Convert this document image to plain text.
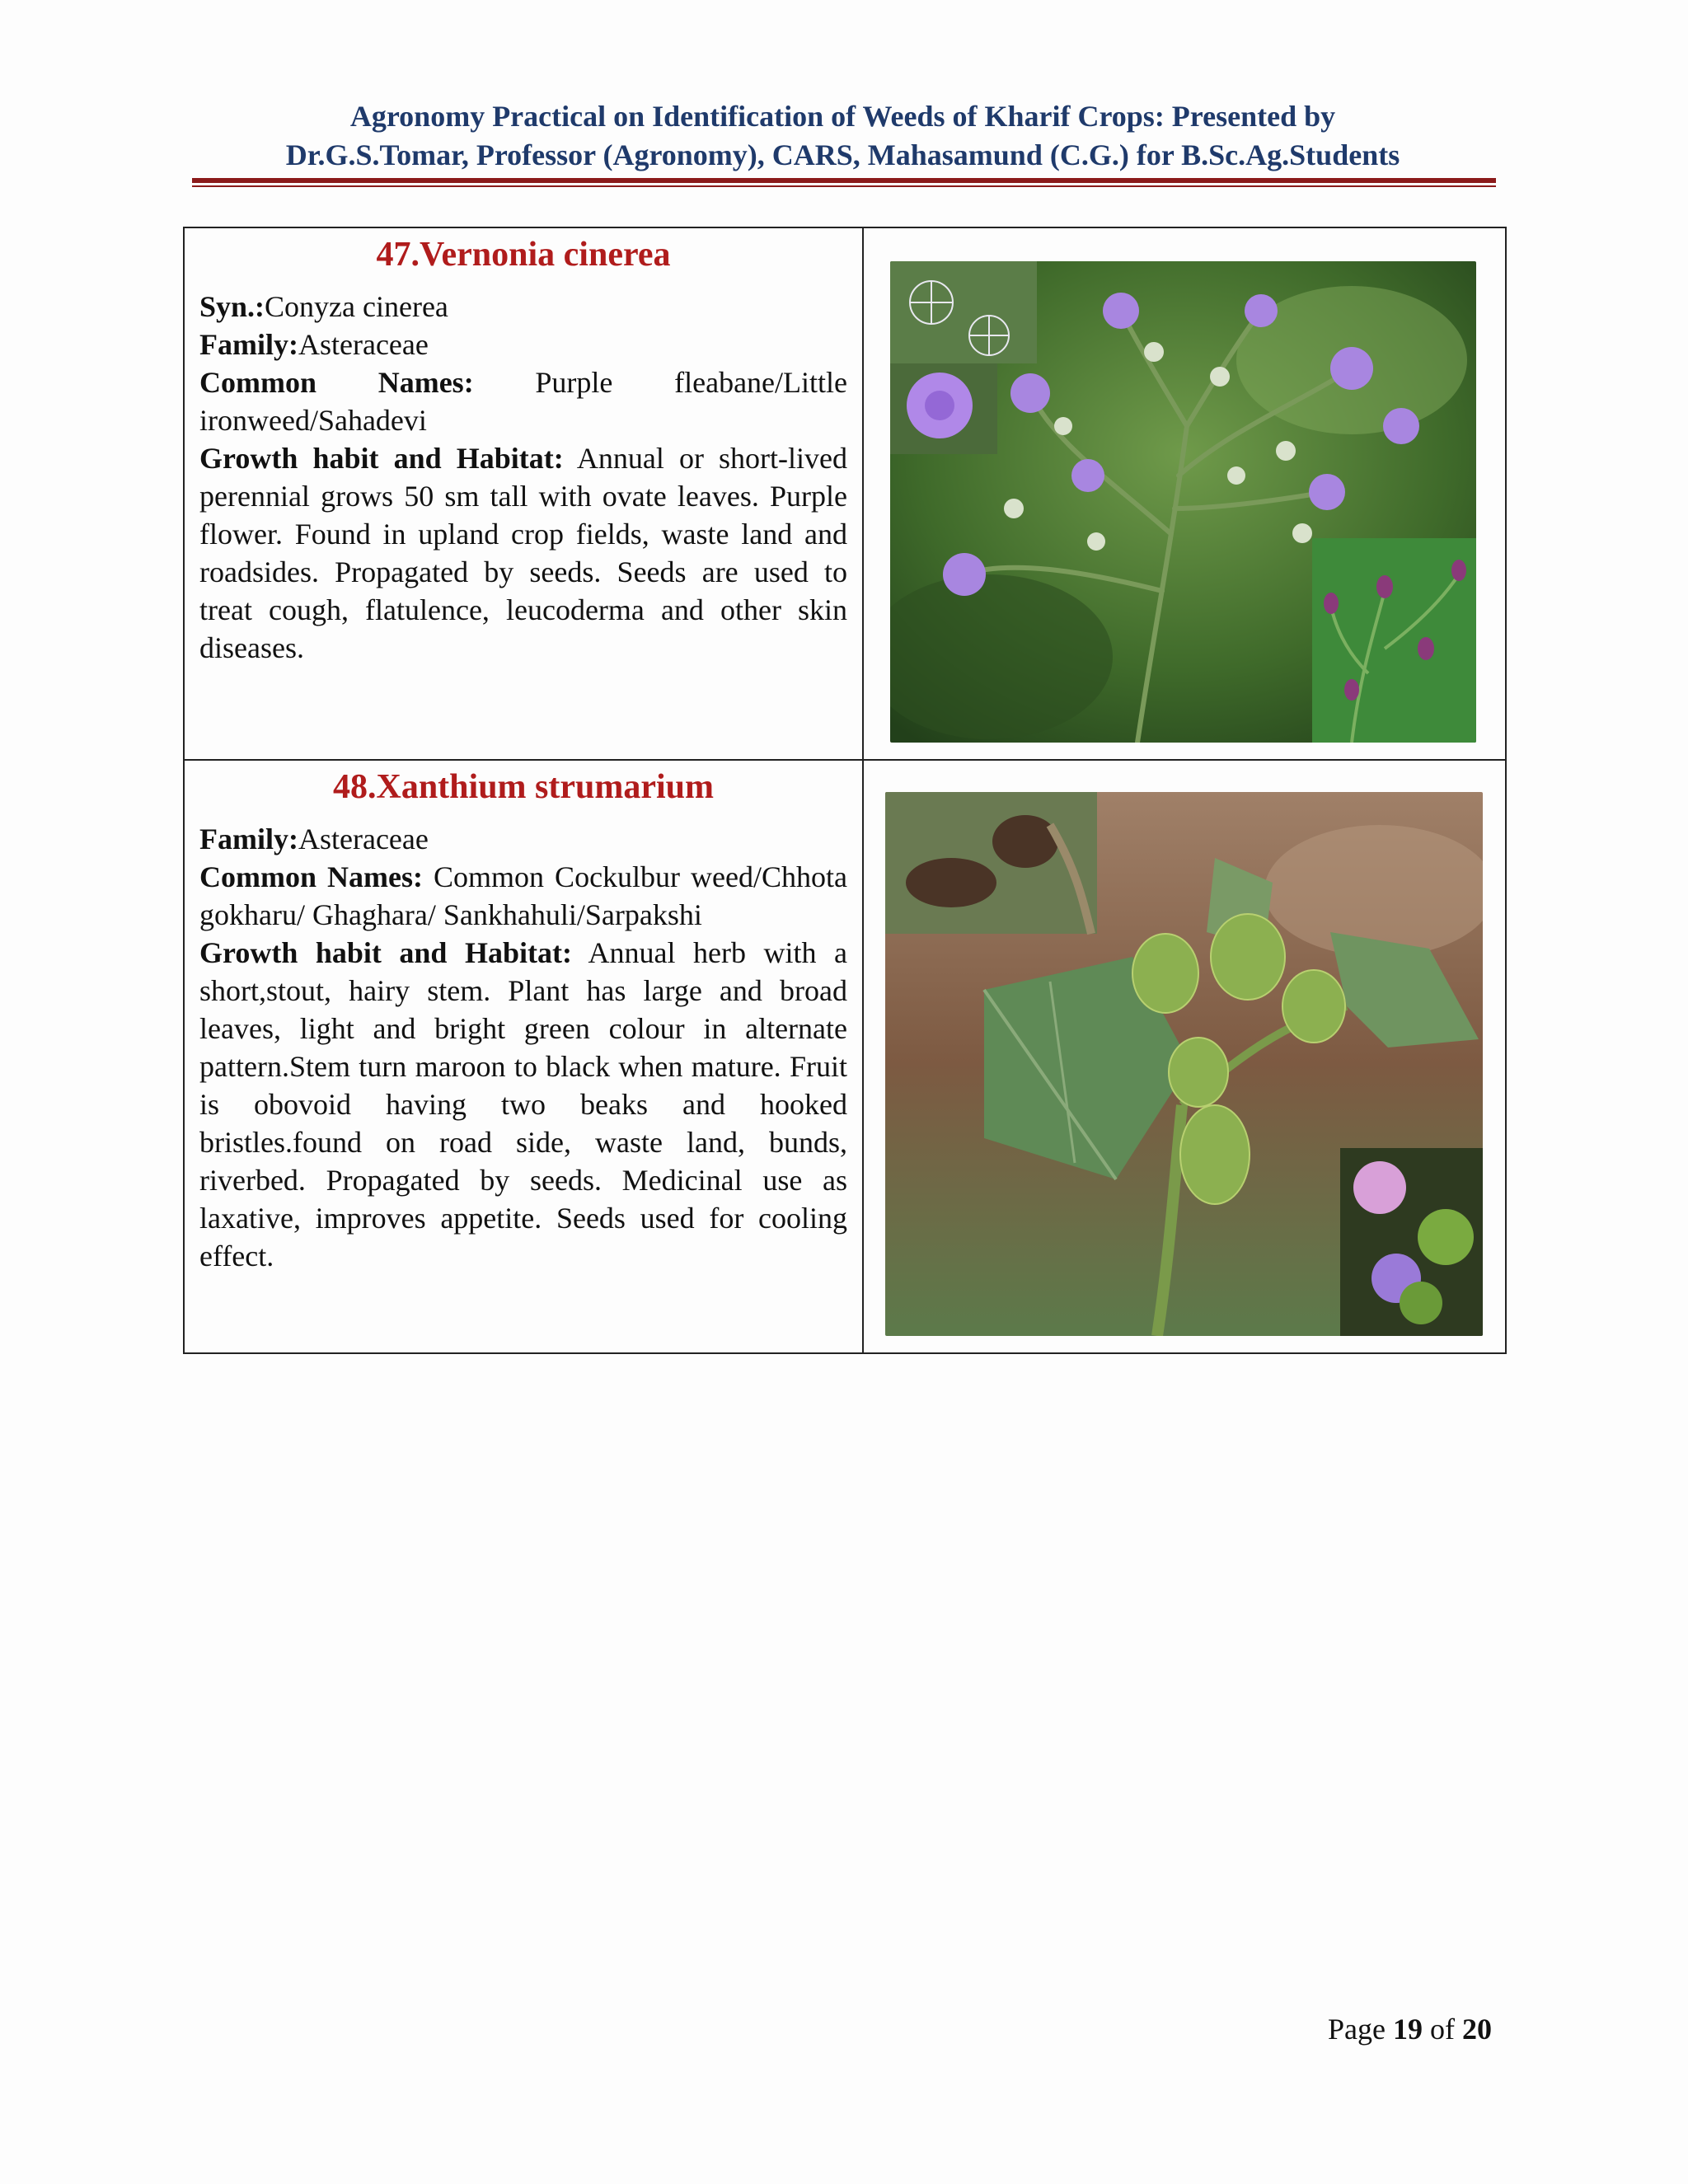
Agronomy Practical on Identification of Weeds of Kharif Crops: Presented by
Dr.G.S.Tomar, Professor (Agronomy), CARS, Mahasamund (C.G.) for B.Sc.Ag.Students
47.Vernonia cinerea

Syn.:Conyza cinerea

Family:Asteraceae

Common Names: Purple fleabane/Little ironweed/Sahadevi

Growth habit and Habitat: Annual or short-lived perennial grows 50 sm tall with ovate leaves. Purple flower. Found in upland crop fields, waste land and roadsides. Propagated by seeds. Seeds are used to treat cough, flatulence, leucoderma and other skin diseases.

48.Xanthium strumarium

Family:Asteraceae

Common Names: Common Cockulbur weed/Chhota gokharu/ Ghaghara/ Sankhahuli/Sarpakshi

Growth habit and Habitat: Annual herb with a short,stout, hairy stem. Plant has large and broad leaves, light and bright green colour in alternate pattern.Stem turn maroon to black when mature. Fruit is obovoid having two beaks and hooked bristles.found on road side, waste land, bunds, riverbed. Propagated by seeds. Medicinal use as laxative, improves appetite. Seeds used for cooling effect.

Page 19 of 20
